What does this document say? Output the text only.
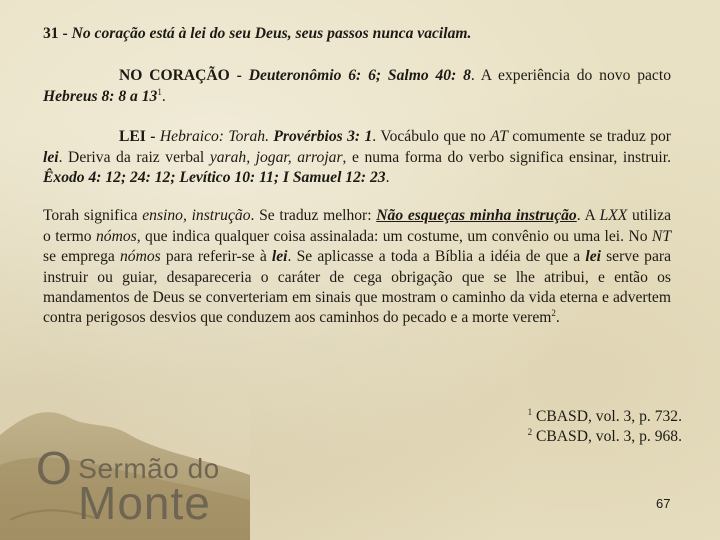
31 - No coração está à lei do seu Deus, seus passos nunca vacilam.

NO CORAÇÃO - Deuteronômio 6: 6; Salmo 40: 8. A experiência do novo pacto Hebreus 8: 8 a $13^1$.

LEI - Hebraico: Torah. Provérbios 3: 1. Vocábulo que no AT comumente se traduz por lei. Deriva da raiz verbal yarah, jogar, arrojar, e numa forma do verbo significa ensinar, instruir. Êxodo 4: 12; 24: 12; Levítico 10: 11; I Samuel 12: 23.

Torah significa ensino, instrução. Se traduz melhor: Não esqueças minha instrução. A LXX utiliza o termo nómos, que indica qualquer coisa assinalada: um costume, um convênio ou uma lei. No NT se emprega nómos para referir-se à lei. Se aplicasse a toda a Bíblia a idéia de que a lei serve para instruir ou guiar, desapareceria o caráter de cega obrigação que se lhe atribui, e então os mandamentos de Deus se converteriam em sinais que mostram o caminho da vida eterna e advertem contra perigosos desvios que conduzem aos caminhos do pecado e a morte verem$^2$.

$^1$ CBASD, vol. 3, p. 732.
$^2$ CBASD, vol. 3, p. 968.
O Sermão do
Monte	67
